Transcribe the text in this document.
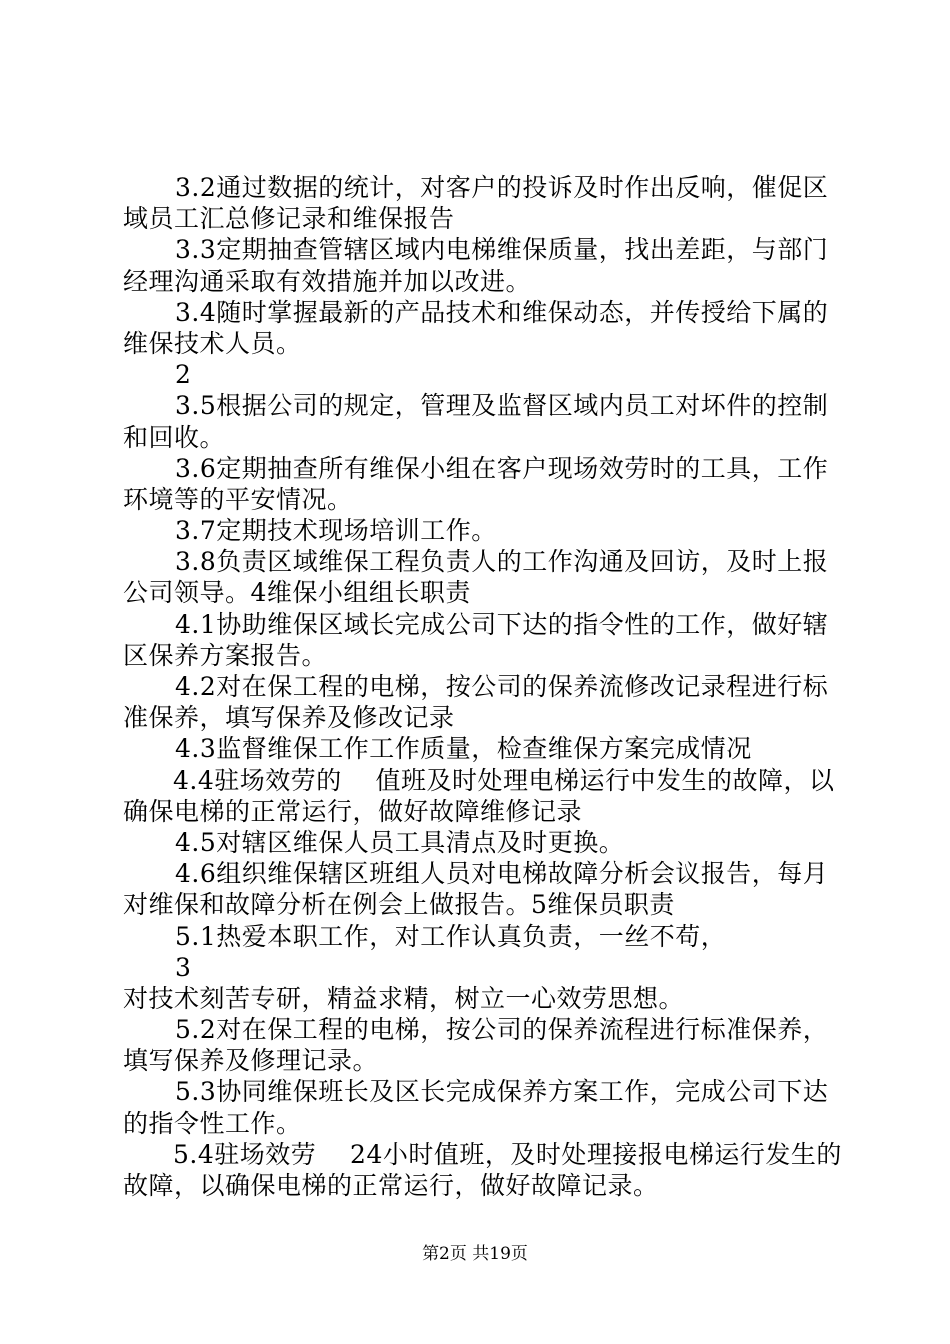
3.2通过数据的统计，对客户的投诉及时作出反响，催促区
域员工汇总修记录和维保报告
3.3定期抽查管辖区域内电梯维保质量，找出差距，与部门
经理沟通采取有效措施并加以改进。
3.4随时掌握最新的产品技术和维保动态，并传授给下属的
维保技术人员。
2
3.5根据公司的规定，管理及监督区域内员工对坏件的控制
和回收。
3.6定期抽查所有维保小组在客户现场效劳时的工具，工作
环境等的平安情况。
3.7定期技术现场培训工作。
3.8负责区域维保工程负责人的工作沟通及回访，及时上报
公司领导。4维保小组组长职责
4.1协助维保区域长完成公司下达的指令性的工作，做好辖
区保养方案报告。
4.2对在保工程的电梯，按公司的保养流修改记录程进行标
准保养，填写保养及修改记录
4.3监督维保工作工作质量，检查维保方案完成情况
4.4驻场效劳的    值班及时处理电梯运行中发生的故障，以
确保电梯的正常运行，做好故障维修记录
4.5对辖区维保人员工具清点及时更换。
4.6组织维保辖区班组人员对电梯故障分析会议报告，每月
对维保和故障分析在例会上做报告。5维保员职责
5.1热爱本职工作，对工作认真负责，一丝不苟，
3
对技术刻苦专研，精益求精，树立一心效劳思想。
5.2对在保工程的电梯，按公司的保养流程进行标准保养，
填写保养及修理记录。
5.3协同维保班长及区长完成保养方案工作，完成公司下达
的指令性工作。
5.4驻场效劳    24小时值班，及时处理接报电梯运行发生的
故障，以确保电梯的正常运行，做好故障记录。
第2页 共19页
